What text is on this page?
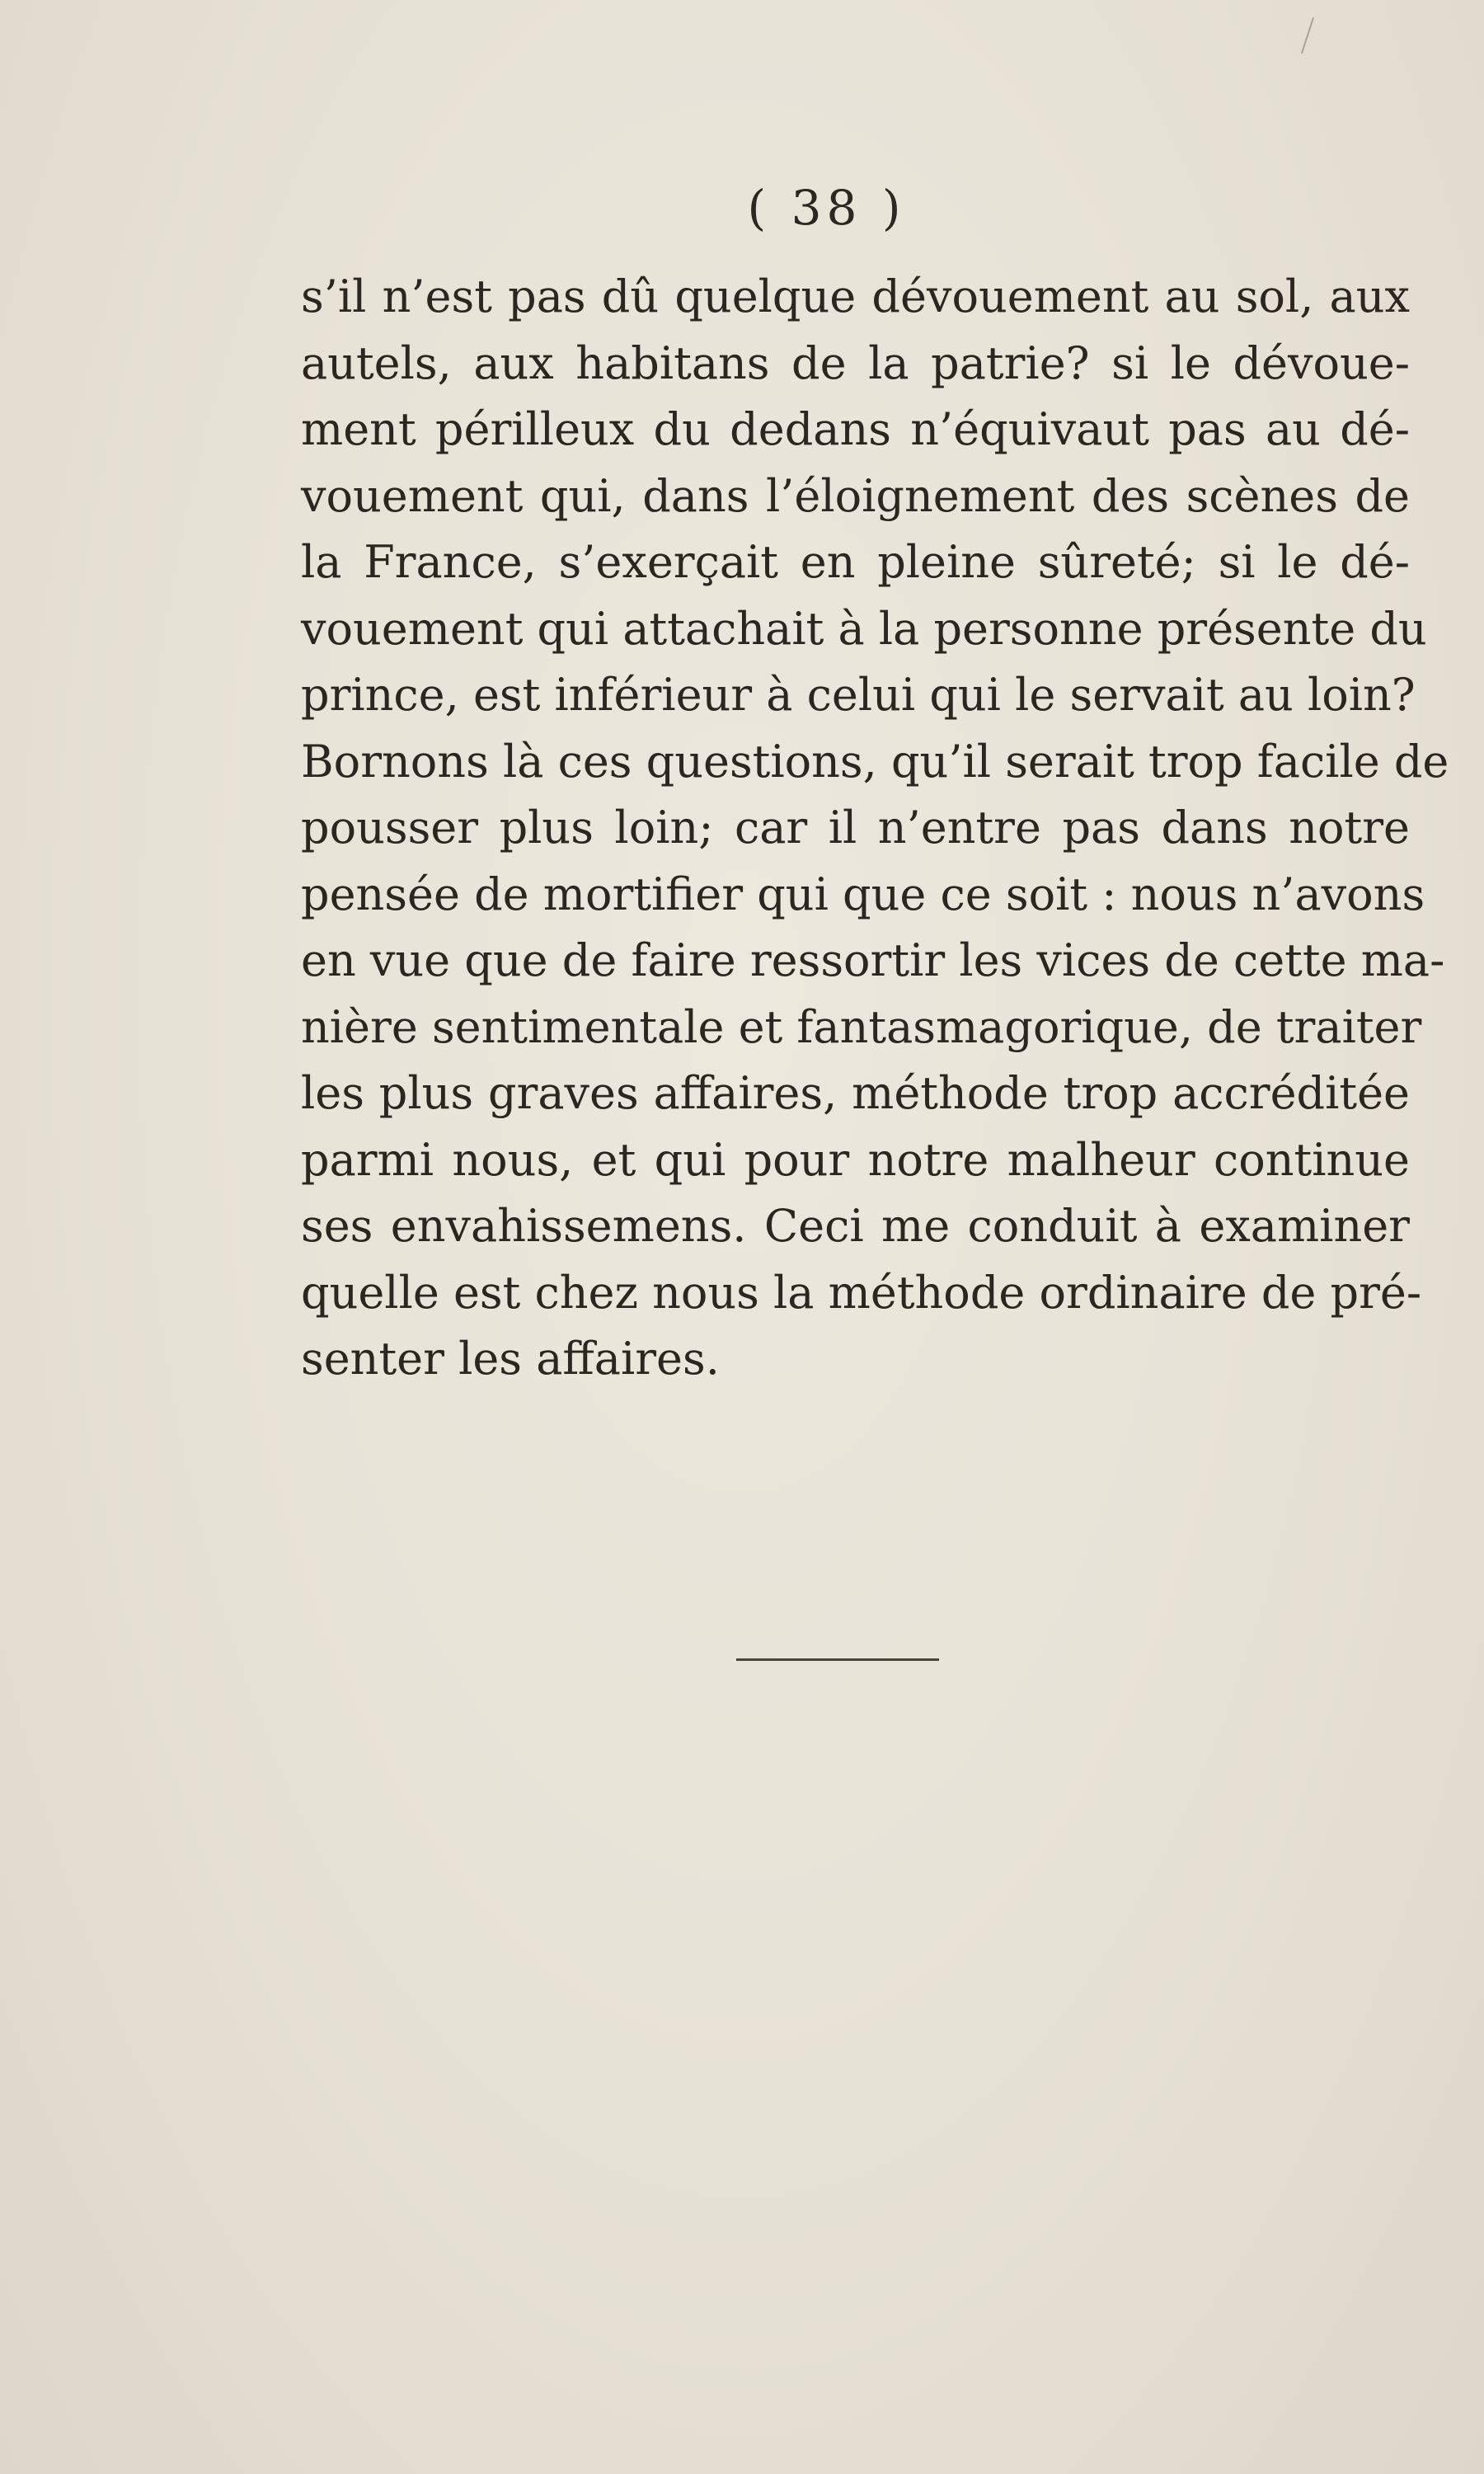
( 38 )
s’il n’est pas dû quelque dévouement au sol, aux
autels, aux habitans de la patrie? si le dévoue-
ment périlleux du dedans n’équivaut pas au dé-
vouement qui, dans l’éloignement des scènes de
la France, s’exerçait en pleine sûreté; si le dé-
vouement qui attachait à la personne présente du
prince, est inférieur à celui qui le servait au loin?
Bornons là ces questions, qu’il serait trop facile de
pousser plus loin; car il n’entre pas dans notre
pensée de mortifier qui que ce soit : nous n’avons
en vue que de faire ressortir les vices de cette ma-
nière sentimentale et fantasmagorique, de traiter
les plus graves affaires, méthode trop accréditée
parmi nous, et qui pour notre malheur continue
ses envahissemens. Ceci me conduit à examiner
quelle est chez nous la méthode ordinaire de pré-
senter les affaires.
